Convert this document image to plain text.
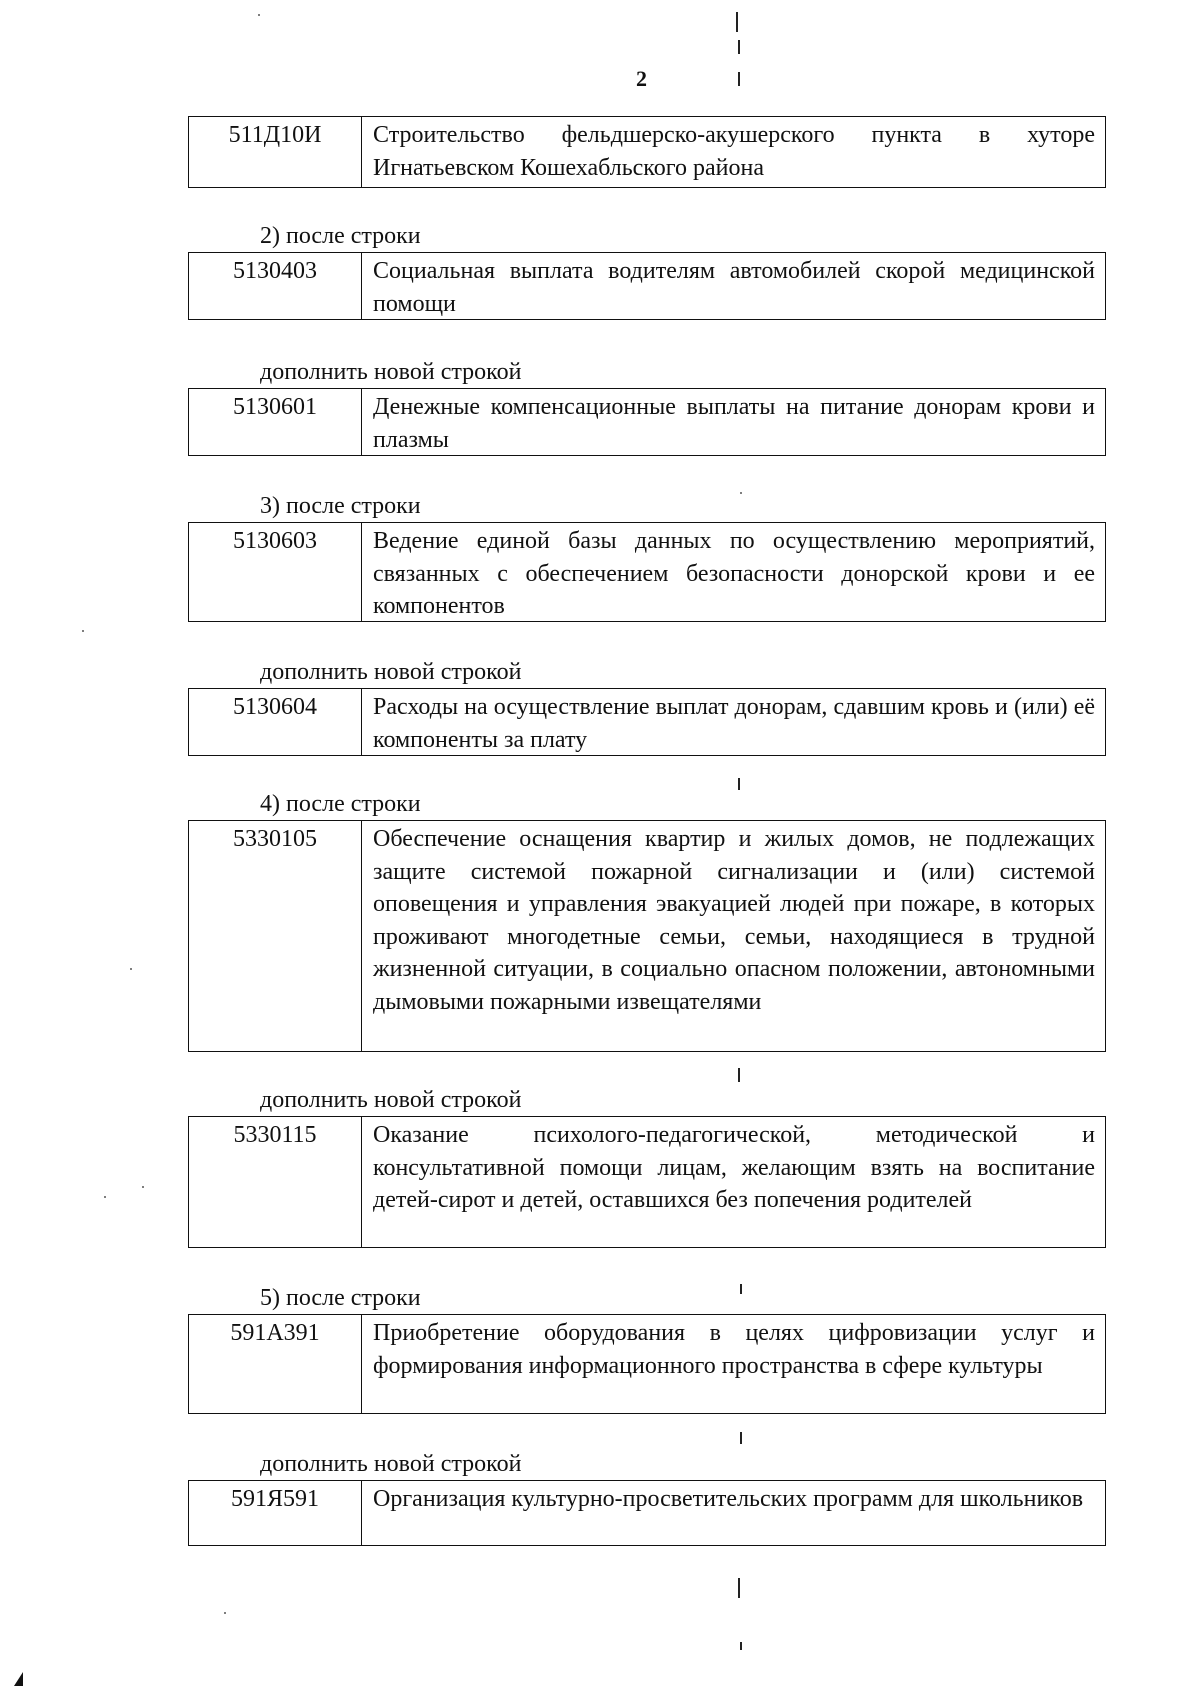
2
511Д10И	Строительство фельдшерско-акушерского пункта в хуторе Игнатьевском Кошехабльского района
2) после строки
5130403	Социальная выплата водителям автомобилей скорой медицинской помощи
дополнить новой строкой
5130601	Денежные компенсационные выплаты на питание донорам крови и плазмы
3) после строки
5130603	Ведение единой базы данных по осуществлению мероприятий, связанных с обеспечением безопасности донорской крови и ее компонентов
дополнить новой строкой
5130604	Расходы на осуществление выплат донорам, сдавшим кровь и (или) её компоненты за плату
4) после строки
5330105	Обеспечение оснащения квартир и жилых домов, не подлежащих защите системой пожарной сигнализации и (или) системой оповещения и управления эвакуацией людей при пожаре, в которых проживают многодетные семьи, семьи, находящиеся в трудной жизненной ситуации, в социально опасном положении, автономными дымовыми пожарными извещателями
дополнить новой строкой
5330115	Оказание психолого-педагогической, методической и консультативной помощи лицам, желающим взять на воспитание детей-сирот и детей, оставшихся без попечения родителей
5) после строки
591A391	Приобретение оборудования в целях цифровизации услуг и формирования информационного пространства в сфере культуры
дополнить новой строкой
591Я591	Организация культурно-просветительских программ для школьников
